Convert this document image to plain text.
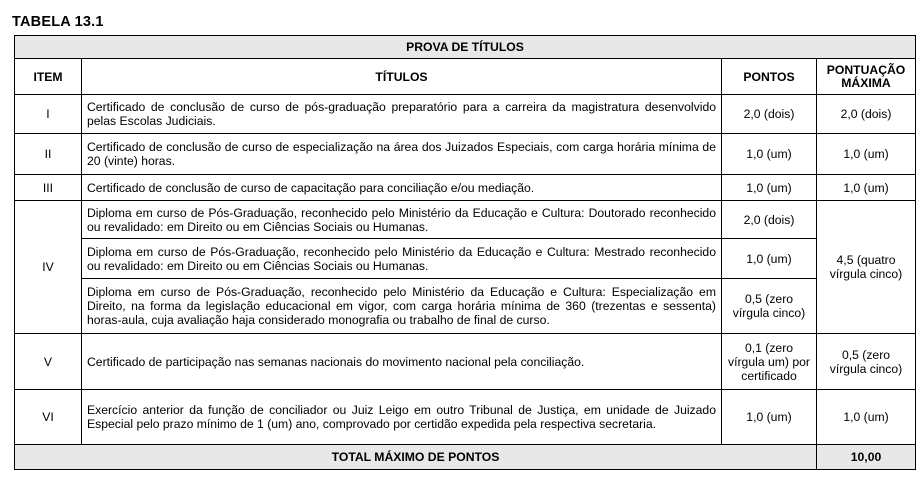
TABELA 13.1
PROVA DE TÍTULOS			
ITEM	TÍTULOS	PONTOS	PONTUAÇÃO
MÁXIMA
I	Certificado de conclusão de curso de pós-graduação preparatório para a carreira da magistratura desenvolvido pelas Escolas Judiciais.	2,0 (dois)	2,0 (dois)
II	Certificado de conclusão de curso de especialização na área dos Juizados Especiais, com carga horária mínima de 20 (vinte) horas.	1,0 (um)	1,0 (um)
III	Certificado de conclusão de curso de capacitação para conciliação e/ou mediação.	1,0 (um)	1,0 (um)
IV	Diploma em curso de Pós-Graduação, reconhecido pelo Ministério da Educação e Cultura: Doutorado reconhecido ou revalidado: em Direito ou em Ciências Sociais ou Humanas.	2,0 (dois)	4,5 (quatro vírgula cinco)
	Diploma em curso de Pós-Graduação, reconhecido pelo Ministério da Educação e Cultura: Mestrado reconhecido ou revalidado: em Direito ou em Ciências Sociais ou Humanas.	1,0 (um)	
	Diploma em curso de Pós-Graduação, reconhecido pelo Ministério da Educação e Cultura: Especialização em Direito, na forma da legislação educacional em vigor, com carga horária mínima de 360 (trezentas e sessenta) horas-aula, cuja avaliação haja considerado monografia ou trabalho de final de curso.	0,5 (zero vírgula cinco)	
V	Certificado de participação nas semanas nacionais do movimento nacional pela conciliação.	0,1 (zero vírgula um) por certificado	0,5 (zero vírgula cinco)
VI	Exercício anterior da função de conciliador ou Juiz Leigo em outro Tribunal de Justiça, em unidade de Juizado Especial pelo prazo mínimo de 1 (um) ano, comprovado por certidão expedida pela respectiva secretaria.	1,0 (um)	1,0 (um)
TOTAL MÁXIMO DE PONTOS			10,00
